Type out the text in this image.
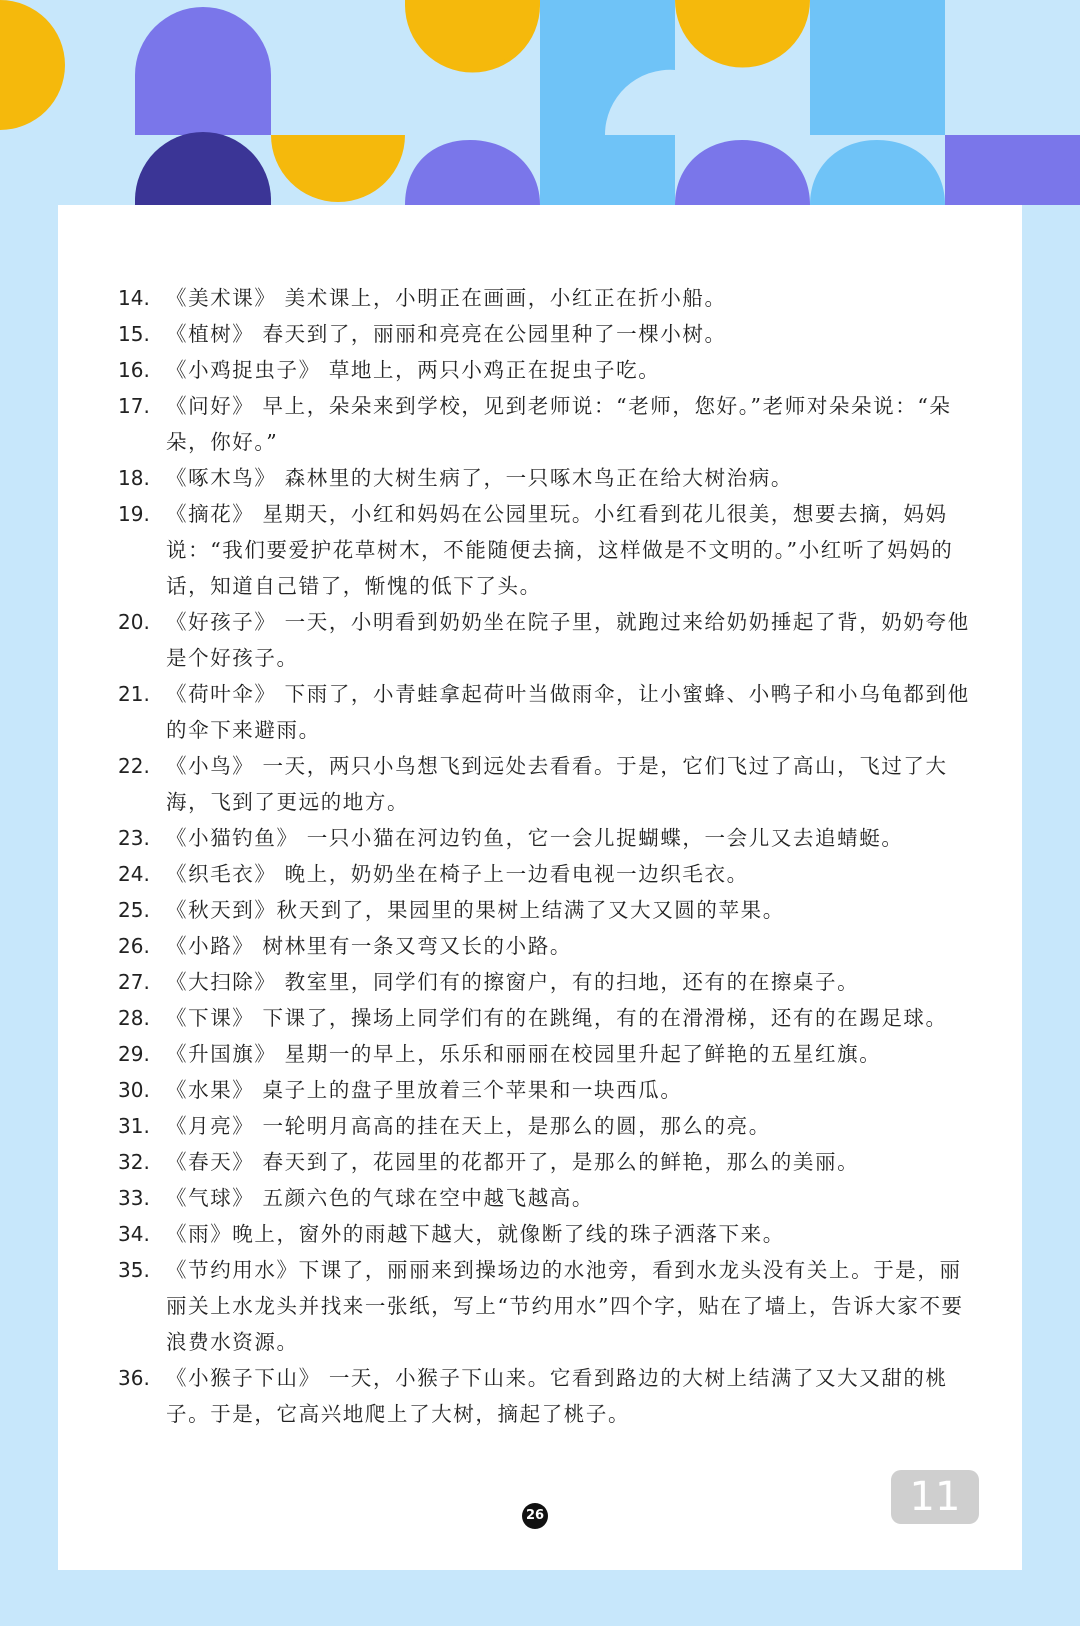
14. 《美术课》 美术课上，小明正在画画，小红正在折小船。
15. 《植树》 春天到了，丽丽和亮亮在公园里种了一棵小树。
16. 《小鸡捉虫子》 草地上，两只小鸡正在捉虫子吃。
17. 《问好》 早上，朵朵来到学校，见到老师说：“老师，您好。”老师对朵朵说：“朵朵，你好。”
18. 《啄木鸟》 森林里的大树生病了，一只啄木鸟正在给大树治病。
19. 《摘花》 星期天，小红和妈妈在公园里玩。小红看到花儿很美，想要去摘，妈妈说：“我们要爱护花草树木，不能随便去摘，这样做是不文明的。”小红听了妈妈的话，知道自己错了，惭愧的低下了头。
20. 《好孩子》 一天，小明看到奶奶坐在院子里，就跑过来给奶奶捶起了背，奶奶夸他是个好孩子。
21. 《荷叶伞》 下雨了，小青蛙拿起荷叶当做雨伞，让小蜜蜂、小鸭子和小乌龟都到他的伞下来避雨。
22. 《小鸟》 一天，两只小鸟想飞到远处去看看。于是，它们飞过了高山，飞过了大海，飞到了更远的地方。
23. 《小猫钓鱼》 一只小猫在河边钓鱼，它一会儿捉蝴蝶，一会儿又去追蜻蜓。
24. 《织毛衣》 晚上，奶奶坐在椅子上一边看电视一边织毛衣。
25. 《秋天到》秋天到了，果园里的果树上结满了又大又圆的苹果。
26. 《小路》 树林里有一条又弯又长的小路。
27. 《大扫除》 教室里，同学们有的擦窗户，有的扫地，还有的在擦桌子。
28. 《下课》 下课了，操场上同学们有的在跳绳，有的在滑滑梯，还有的在踢足球。
29. 《升国旗》 星期一的早上，乐乐和丽丽在校园里升起了鲜艳的五星红旗。
30. 《水果》 桌子上的盘子里放着三个苹果和一块西瓜。
31. 《月亮》 一轮明月高高的挂在天上，是那么的圆，那么的亮。
32. 《春天》 春天到了，花园里的花都开了，是那么的鲜艳，那么的美丽。
33. 《气球》 五颜六色的气球在空中越飞越高。
34. 《雨》晚上，窗外的雨越下越大，就像断了线的珠子洒落下来。
35. 《节约用水》下课了，丽丽来到操场边的水池旁，看到水龙头没有关上。于是，丽丽关上水龙头并找来一张纸，写上“节约用水”四个字，贴在了墙上，告诉大家不要浪费水资源。
36. 《小猴子下山》 一天，小猴子下山来。它看到路边的大树上结满了又大又甜的桃子。于是，它高兴地爬上了大树，摘起了桃子。
26	11
